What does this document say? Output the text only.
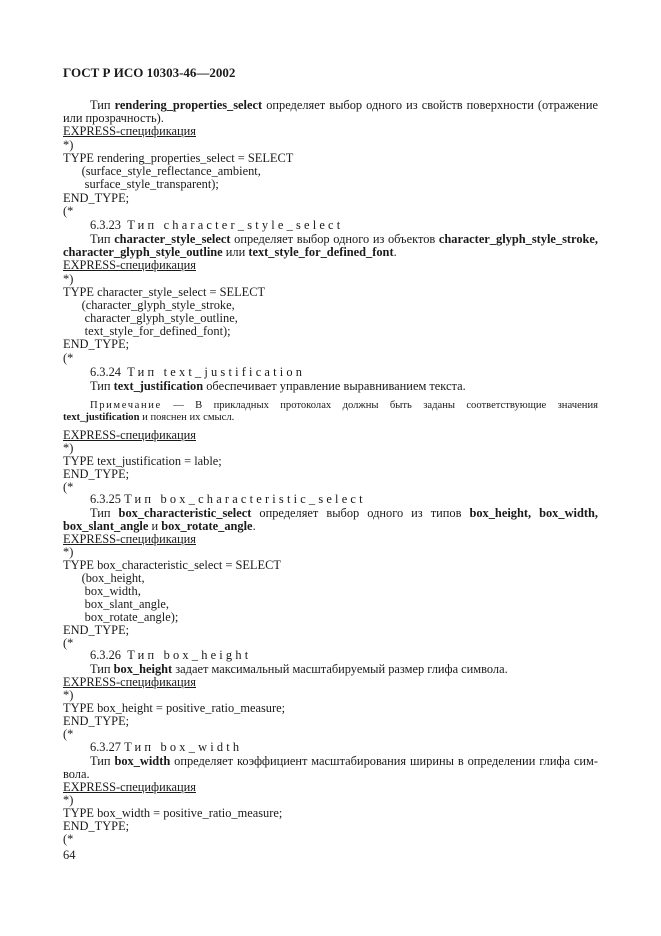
ГОСТ Р ИСО 10303-46—2002
Тип rendering_properties_select определяет выбор одного из свойств поверхности (отражение
или прозрачность).
EXPRESS-спецификация
*)
TYPE rendering_properties_select = SELECT
(surface_style_reflectance_ambient,
surface_style_transparent);
END_TYPE;
(*
6.3.23 Тип character_style_select
Тип character_style_select определяет выбор одного из объектов character_glyph_style_stroke,
character_glyph_style_outline или text_style_for_defined_font.
EXPRESS-спецификация
*)
TYPE character_style_select = SELECT
(character_glyph_style_stroke,
character_glyph_style_outline,
text_style_for_defined_font);
END_TYPE;
(*
6.3.24 Тип text_justification
Тип text_justification обеспечивает управление выравниванием текста.
Примечание — В прикладных протоколах должны быть заданы соответствующие значения
text_justification и пояснен их смысл.
EXPRESS-спецификация
*)
TYPE text_justification = lable;
END_TYPE;
(*
6.3.25 Тип box_characteristic_select
Тип box_characteristic_select определяет выбор одного из типов box_height, box_width,
box_slant_angle и box_rotate_angle.
EXPRESS-спецификация
*)
TYPE box_characteristic_select = SELECT
(box_height,
box_width,
box_slant_angle,
box_rotate_angle);
END_TYPE;
(*
6.3.26 Тип box_height
Тип box_height задает максимальный масштабируемый размер глифа символа.
EXPRESS-спецификация
*)
TYPE box_height = positive_ratio_measure;
END_TYPE;
(*
6.3.27 Тип box_width
Тип box_width определяет коэффициент масштабирования ширины в определении глифа сим-
вола.
EXPRESS-спецификация
*)
TYPE box_width = positive_ratio_measure;
END_TYPE;
(*
64
